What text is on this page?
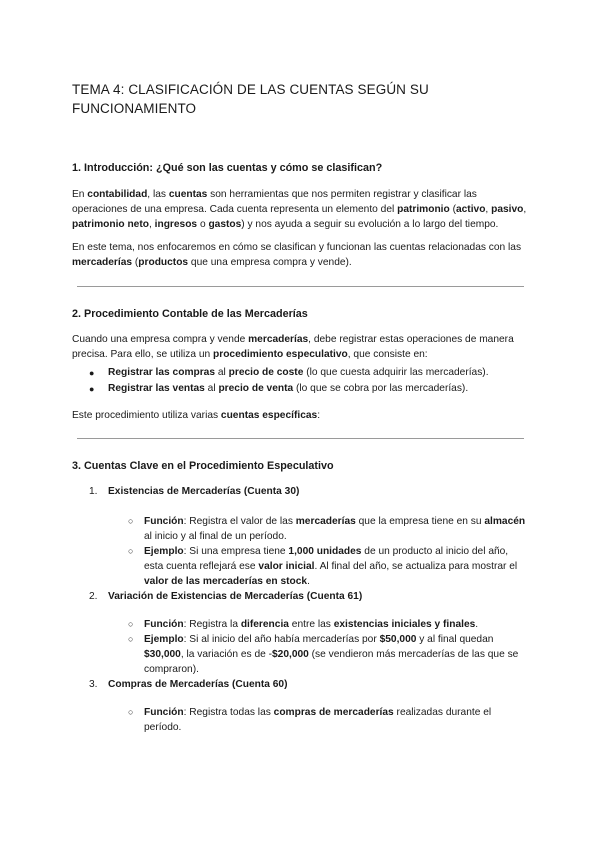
TEMA 4: CLASIFICACIÓN DE LAS CUENTAS SEGÚN SU
FUNCIONAMIENTO
1. Introducción: ¿Qué son las cuentas y cómo se clasifican?
En contabilidad, las cuentas son herramientas que nos permiten registrar y clasificar las operaciones de una empresa. Cada cuenta representa un elemento del patrimonio (activo, pasivo, patrimonio neto, ingresos o gastos) y nos ayuda a seguir su evolución a lo largo del tiempo.
En este tema, nos enfocaremos en cómo se clasifican y funcionan las cuentas relacionadas con las mercaderías (productos que una empresa compra y vende).
2. Procedimiento Contable de las Mercaderías
Cuando una empresa compra y vende mercaderías, debe registrar estas operaciones de manera precisa. Para ello, se utiliza un procedimiento especulativo, que consiste en:
● Registrar las compras al precio de coste (lo que cuesta adquirir las mercaderías).
● Registrar las ventas al precio de venta (lo que se cobra por las mercaderías).
Este procedimiento utiliza varias cuentas específicas:
3. Cuentas Clave en el Procedimiento Especulativo
1. Existencias de Mercaderías (Cuenta 30)
○ Función: Registra el valor de las mercaderías que la empresa tiene en su almacén al inicio y al final de un período.
○ Ejemplo: Si una empresa tiene 1,000 unidades de un producto al inicio del año, esta cuenta reflejará ese valor inicial. Al final del año, se actualiza para mostrar el valor de las mercaderías en stock.
2. Variación de Existencias de Mercaderías (Cuenta 61)
○ Función: Registra la diferencia entre las existencias iniciales y finales.
○ Ejemplo: Si al inicio del año había mercaderías por $50,000 y al final quedan $30,000, la variación es de -$20,000 (se vendieron más mercaderías de las que se compraron).
3. Compras de Mercaderías (Cuenta 60)
○ Función: Registra todas las compras de mercaderías realizadas durante el período.
